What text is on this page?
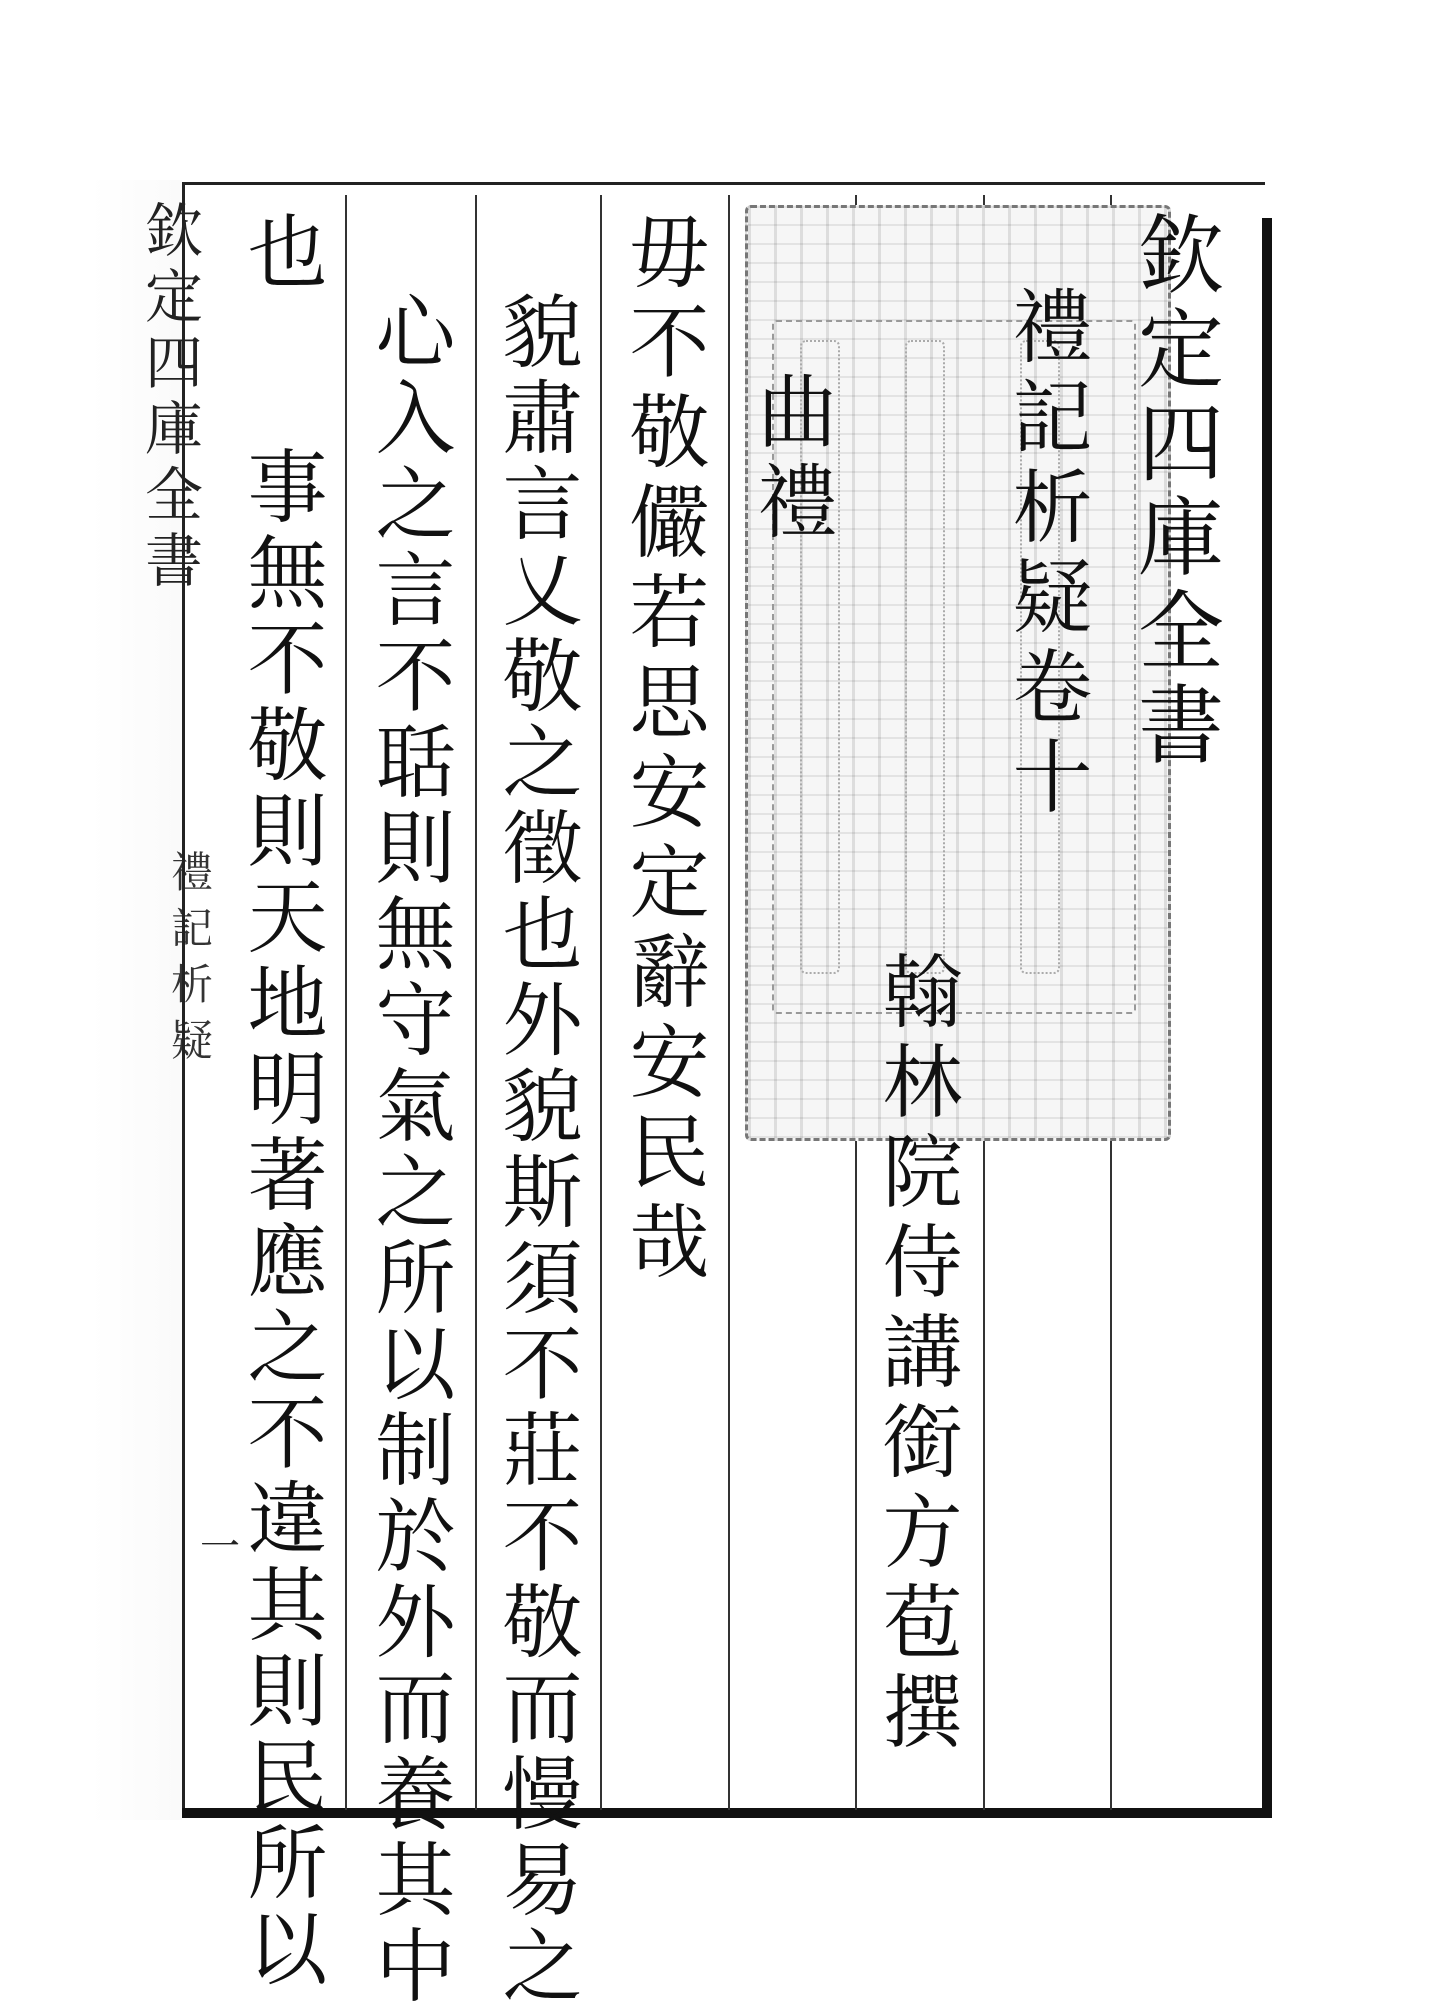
欽定四庫全書
禮記析疑
一
欽定四庫全書
禮記析疑卷十
翰林院侍講銜方苞撰
曲禮
毋不敬儼若思安定辭安民哉
貌肅言乂敬之徵也外貌斯須不莊不敬而慢易之
心入之言不聒則無守氣之所以制於外而養其中
也
事無不敬則天地明著應之不違其則民所以
